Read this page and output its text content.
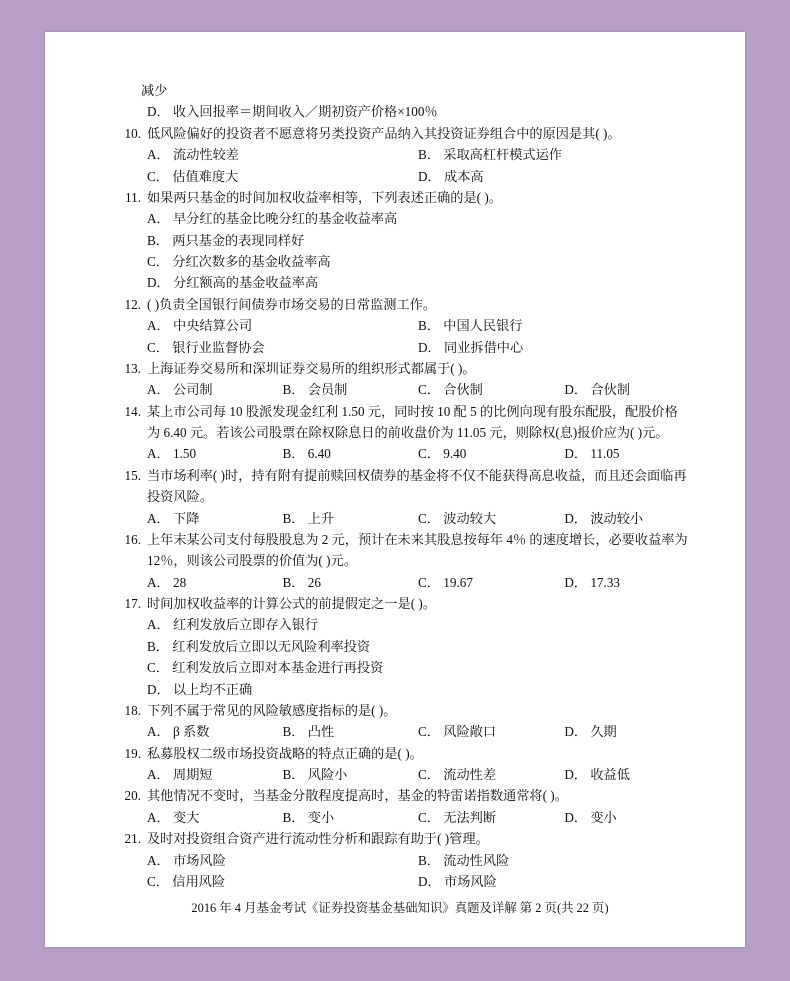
减少
D． 收入回报率＝期间收入／期初资产价格×100％
10. 低风险偏好的投资者不愿意将另类投资产品纳入其投资证券组合中的原因是其( )。
A． 流动性较差	B． 采取高杠杆模式运作
C． 估值难度大	D． 成本高
11. 如果两只基金的时间加权收益率相等，下列表述正确的是( )。
A． 早分红的基金比晚分红的基金收益率高
B． 两只基金的表现同样好
C． 分红次数多的基金收益率高
D． 分红额高的基金收益率高
12. ( )负责全国银行间债券市场交易的日常监测工作。
A． 中央结算公司	B． 中国人民银行
C． 银行业监督协会	D． 同业拆借中心
13. 上海证券交易所和深圳证券交易所的组织形式都属于( )。
A． 公司制	B． 会员制	C． 合伙制	D． 合伙制
14. 某上市公司每 10 股派发现金红利 1.50 元，同时按 10 配 5 的比例向现有股东配股，配股价格为 6.40 元。若该公司股票在除权除息日的前收盘价为 11.05 元，则除权(息)报价应为( )元。
A． 1.50	B． 6.40	C． 9.40	D． 11.05
15. 当市场利率( )时，持有附有提前赎回权债券的基金将不仅不能获得高息收益，而且还会面临再投资风险。
A． 下降	B． 上升	C． 波动较大	D． 波动较小
16. 上年末某公司支付每股股息为 2 元，预计在未来其股息按每年 4％ 的速度增长，必要收益率为 12％，则该公司股票的价值为( )元。
A． 28	B． 26	C． 19.67	D． 17.33
17. 时间加权收益率的计算公式的前提假定之一是( )。
A． 红利发放后立即存入银行
B． 红利发放后立即以无风险利率投资
C． 红利发放后立即对本基金进行再投资
D． 以上均不正确
18. 下列不属于常见的风险敏感度指标的是( )。
A． β 系数	B． 凸性	C． 风险敞口	D． 久期
19. 私募股权二级市场投资战略的特点正确的是( )。
A． 周期短	B． 风险小	C． 流动性差	D． 收益低
20. 其他情况不变时，当基金分散程度提高时，基金的特雷诺指数通常将( )。
A． 变大	B． 变小	C． 无法判断	D． 变小
21. 及时对投资组合资产进行流动性分析和跟踪有助于( )管理。
A． 市场风险	B． 流动性风险
C． 信用风险	D． 市场风险
2016 年 4 月基金考试《证券投资基金基础知识》真题及详解 第 2 页(共 22 页)
